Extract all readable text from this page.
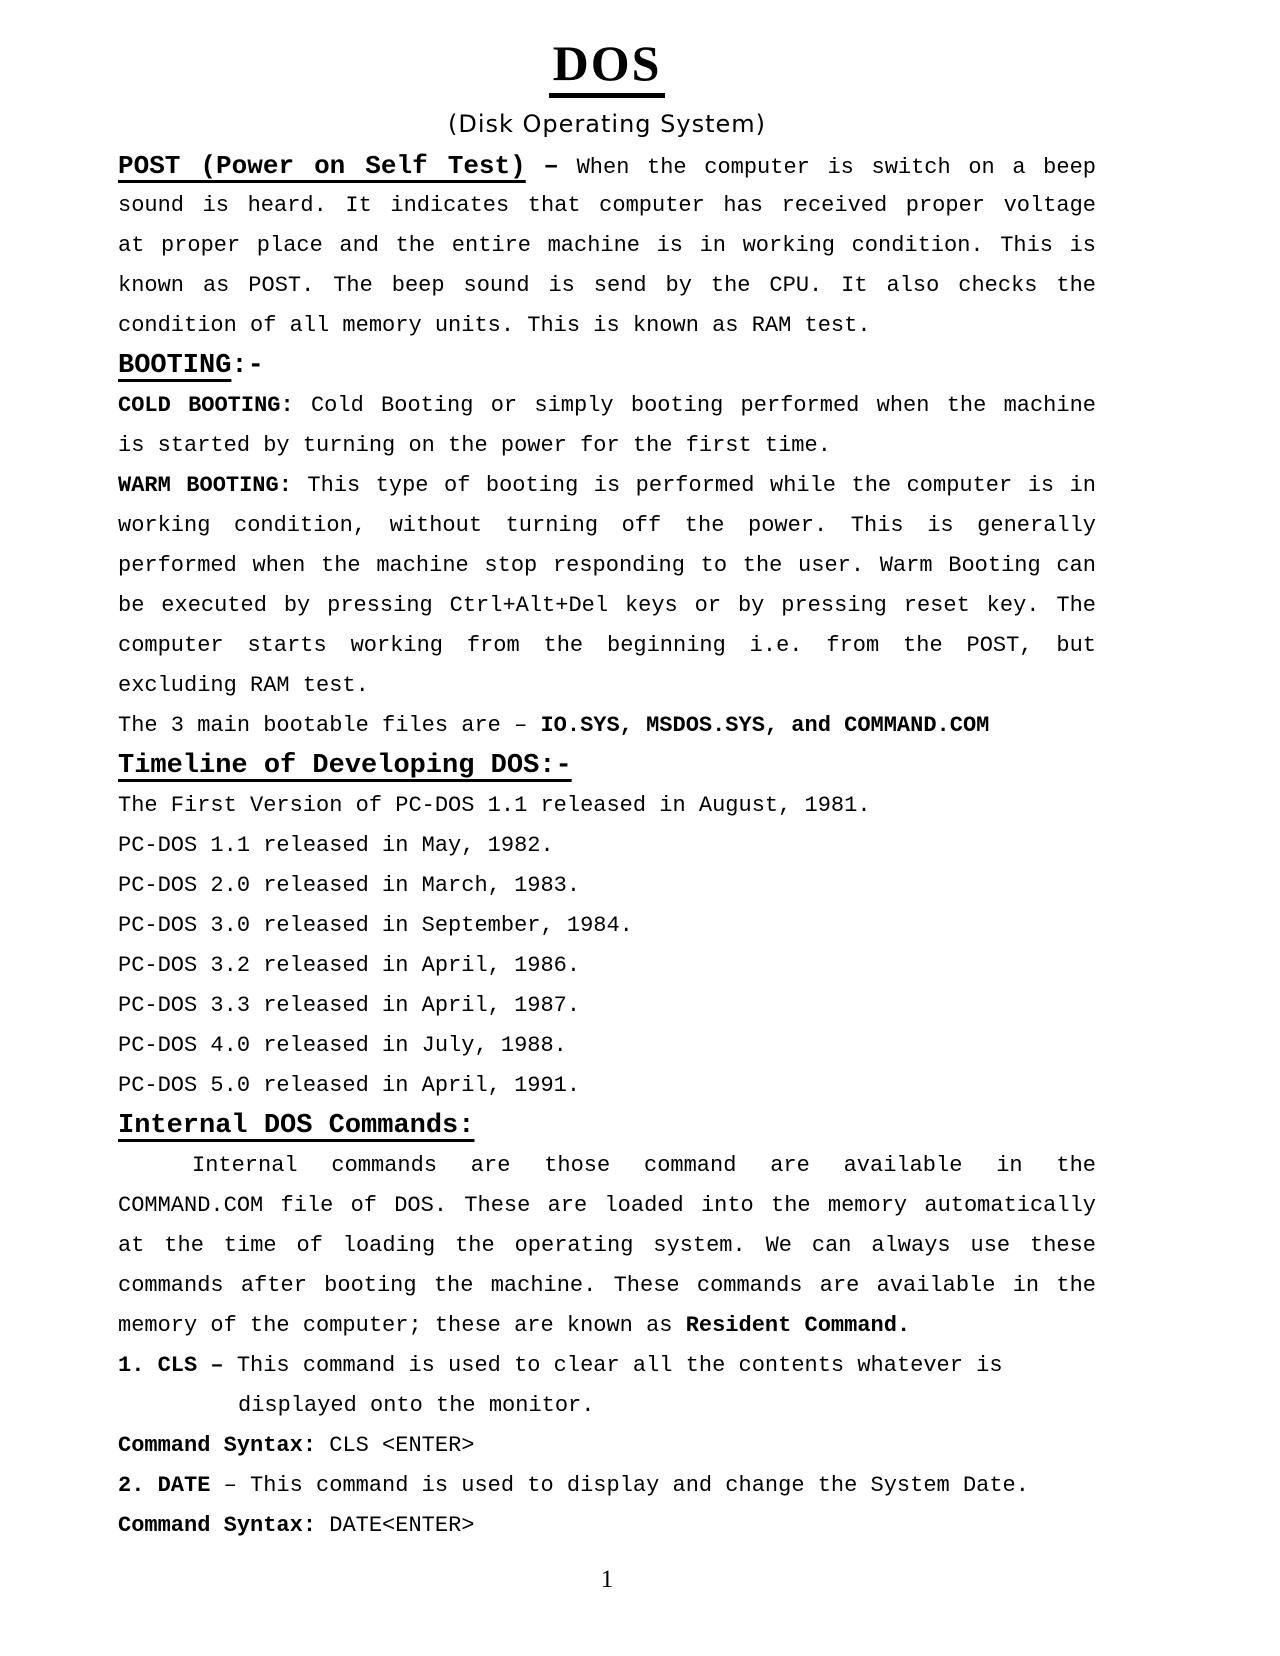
DOS
(Disk Operating System)
POST (Power on Self Test) – When the computer is switch on a beep
sound is heard. It indicates that computer has received proper voltage
at proper place and the entire machine is in working condition. This is
known as POST. The beep sound is send by the CPU. It also checks the
condition of all memory units. This is known as RAM test.
BOOTING:-
COLD BOOTING: Cold Booting or simply booting performed when the machine
is started by turning on the power for the first time.
WARM BOOTING: This type of booting is performed while the computer is in
working condition, without turning off the power. This is generally
performed when the machine stop responding to the user. Warm Booting can
be executed by pressing Ctrl+Alt+Del keys or by pressing reset key. The
computer starts working from the beginning i.e. from the POST, but
excluding RAM test.
The 3 main bootable files are – IO.SYS, MSDOS.SYS, and COMMAND.COM
Timeline of Developing DOS:-
The First Version of PC-DOS 1.1 released in August, 1981.
PC-DOS 1.1 released in May, 1982.
PC-DOS 2.0 released in March, 1983.
PC-DOS 3.0 released in September, 1984.
PC-DOS 3.2 released in April, 1986.
PC-DOS 3.3 released in April, 1987.
PC-DOS 4.0 released in July, 1988.
PC-DOS 5.0 released in April, 1991.
Internal DOS Commands:
Internal commands are those command are available in the
COMMAND.COM file of DOS. These are loaded into the memory automatically
at the time of loading the operating system. We can always use these
commands after booting the machine. These commands are available in the
memory of the computer; these are known as Resident Command.
1. CLS – This command is used to clear all the contents whatever is
displayed onto the monitor.
Command Syntax: CLS <ENTER>
2. DATE – This command is used to display and change the System Date.
Command Syntax: DATE<ENTER>
1
